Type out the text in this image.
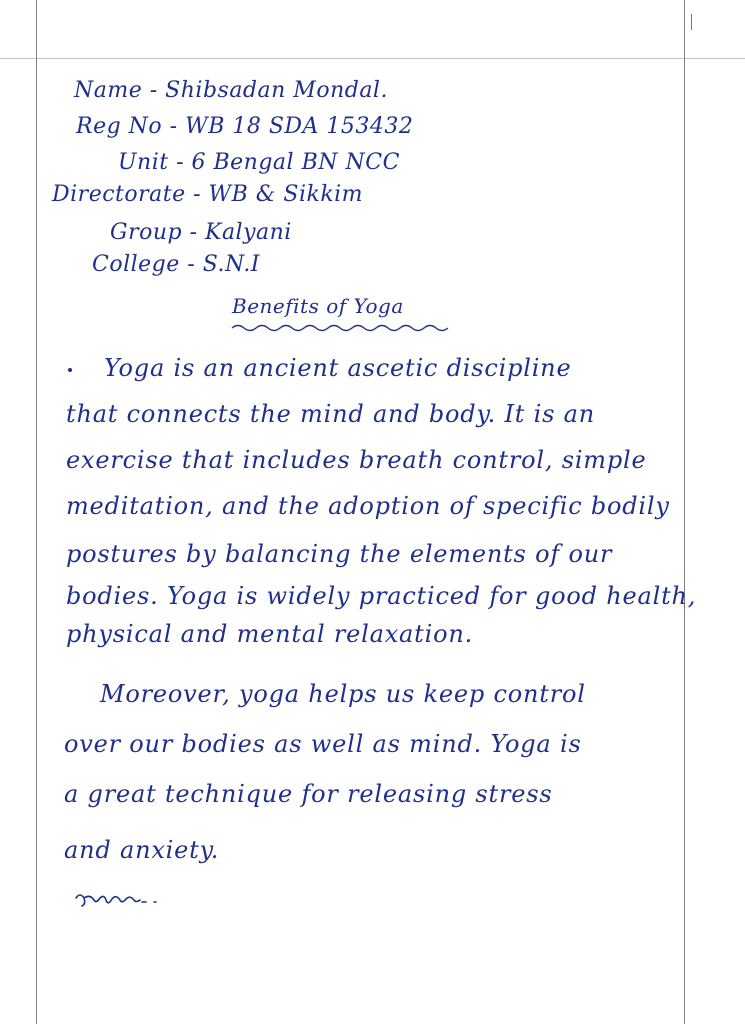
Name - Shibsadan Mondal.
Reg No - WB 18 SDA 153432
Unit - 6 Bengal BN NCC
Directorate - WB & Sikkim
Group - Kalyani
College - S.N.I
Benefits of Yoga
Yoga is an ancient ascetic discipline
that connects the mind and body. It is an
exercise that includes breath control, simple
meditation, and the adoption of specific bodily
postures by balancing the elements of our
bodies. Yoga is widely practiced for good health,
physical and mental relaxation.
Moreover, yoga helps us keep control
over our bodies as well as mind. Yoga is
a great technique for releasing stress
and anxiety.
